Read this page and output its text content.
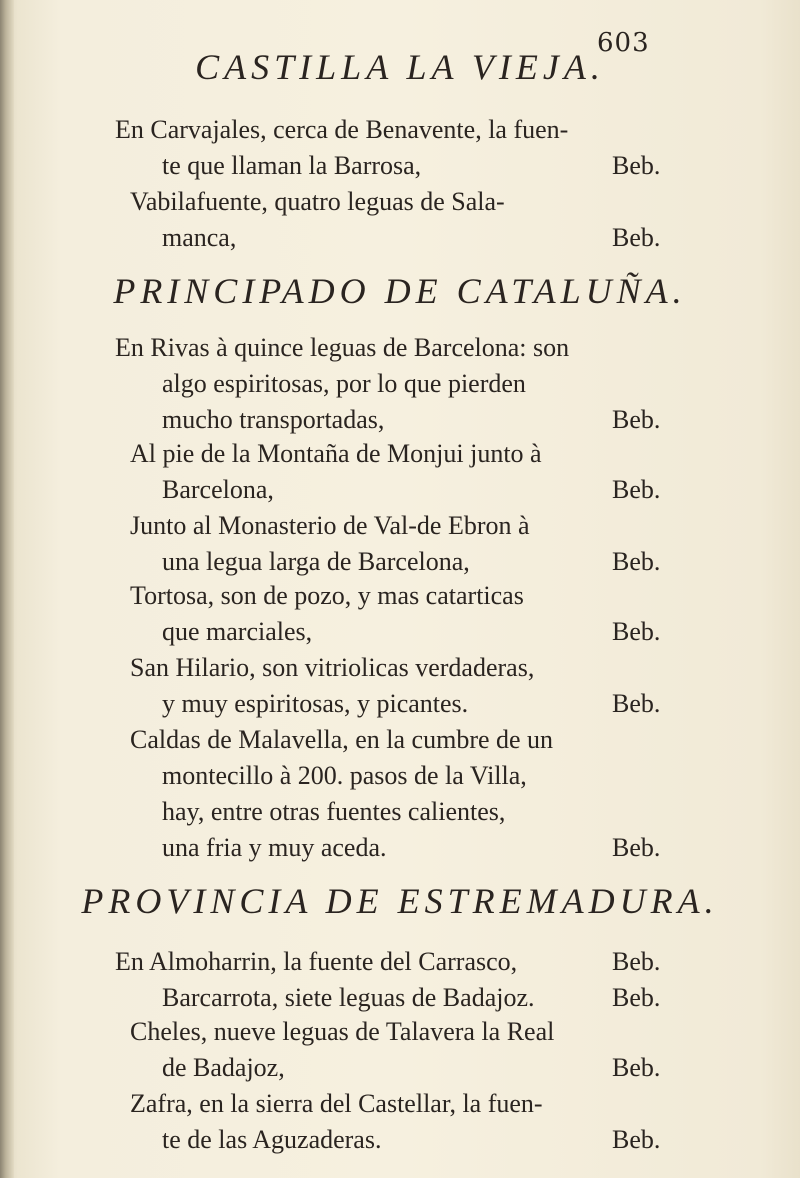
603
CASTILLA LA VIEJA.
En Carvajales, cerca de Benavente, la fuen-
te que llaman la Barrosa,	Beb.
Vabilafuente, quatro leguas de Sala-
manca,	Beb.
PRINCIPADO DE CATALUÑA.
En Rivas à quince leguas de Barcelona: son
algo espiritosas, por lo que pierden
mucho transportadas,	Beb.
Al pie de la Montaña de Monjui junto à
Barcelona,	Beb.
Junto al Monasterio de Val-de Ebron à
una legua larga de Barcelona,	Beb.
Tortosa, son de pozo, y mas catarticas
que marciales,	Beb.
San Hilario, son vitriolicas verdaderas,
y muy espiritosas, y picantes.	Beb.
Caldas de Malavella, en la cumbre de un
montecillo à 200. pasos de la Villa,
hay, entre otras fuentes calientes,
una fria y muy aceda.	Beb.
PROVINCIA DE ESTREMADURA.
En Almoharrin, la fuente del Carrasco,	Beb.
Barcarrota, siete leguas de Badajoz.	Beb.
Cheles, nueve leguas de Talavera la Real
de Badajoz,	Beb.
Zafra, en la sierra del Castellar, la fuen-
te de las Aguzaderas.	Beb.
